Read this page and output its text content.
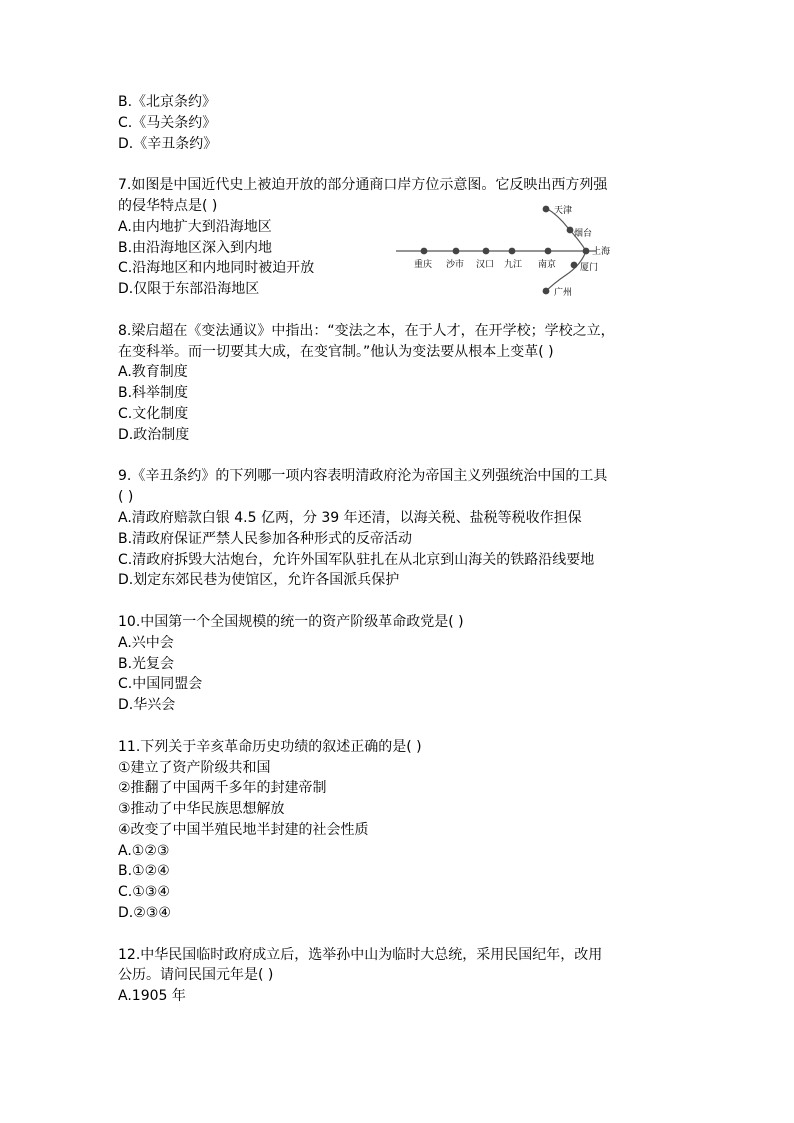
B.《北京条约》
C.《马关条约》
D.《辛丑条约》
7.如图是中国近代史上被迫开放的部分通商口岸方位示意图。它反映出西方列强
的侵华特点是( )
A.由内地扩大到沿海地区
B.由沿海地区深入到内地
C.沿海地区和内地同时被迫开放
D.仅限于东部沿海地区
重庆 沙市 汉口 九江 南京
天津
烟台
上海
厦门
广州
8.梁启超在《变法通议》中指出：“变法之本，在于人才，在开学校；学校之立，
在变科举。而一切要其大成，在变官制。”他认为变法要从根本上变革( )
A.教育制度
B.科举制度
C.文化制度
D.政治制度
9.《辛丑条约》的下列哪一项内容表明清政府沦为帝国主义列强统治中国的工具
( )
A.清政府赔款白银 4.5 亿两，分 39 年还清，以海关税、盐税等税收作担保
B.清政府保证严禁人民参加各种形式的反帝活动
C.清政府拆毁大沽炮台，允许外国军队驻扎在从北京到山海关的铁路沿线要地
D.划定东郊民巷为使馆区，允许各国派兵保护
10.中国第一个全国规模的统一的资产阶级革命政党是( )
A.兴中会
B.光复会
C.中国同盟会
D.华兴会
11.下列关于辛亥革命历史功绩的叙述正确的是( )
①建立了资产阶级共和国
②推翻了中国两千多年的封建帝制
③推动了中华民族思想解放
④改变了中国半殖民地半封建的社会性质
A.①②③
B.①②④
C.①③④
D.②③④
12.中华民国临时政府成立后，选举孙中山为临时大总统，采用民国纪年，改用
公历。请问民国元年是( )
A.1905 年
